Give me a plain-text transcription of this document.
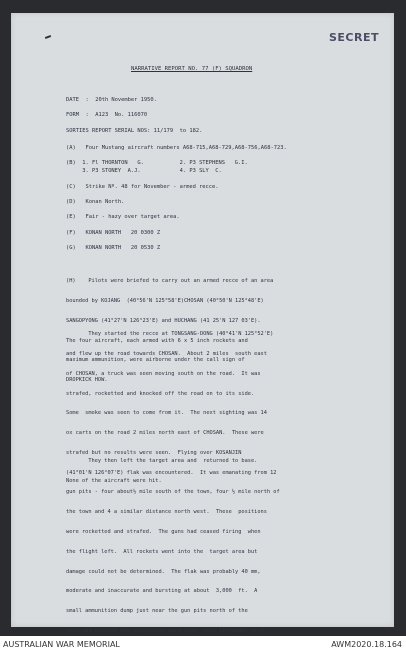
SECRET
NARRATIVE REPORT NO. 77 (F) SQUADRON
DATE  :  20th November 1950.
FORM  :  A123  No. 116070
SORTIES REPORT SERIAL NOS: 11/179  to 182.
(A)   Four Mustang aircraft numbers A68-715,A68-729,A68-756,A68-723.
(B)  1. Fl THORNTON   G.           2. P3 STEPHENS   G.I.
3. P3 STONEY  A.J.            4. P3 SLY  C.
(C)   Strike Nº. 48 for November - armed recce.
(D)   Konan North.
(E)   Fair - hazy over target area.
(F)   KONAN NORTH   20 0300 Z
(G)   KONAN NORTH   20 0530 Z

(H)    Pilots were briefed to carry out an armed recce of an area

bounded by KOJANG  (40°56'N 125°58'E)CHOSAN (40°50'N 125°48'E)

SANGOPYONG (41°27'N 126°23'E) and HUCHANG (41 25'N 127 03'E).

The four aircraft, each armed with 6 x 5 inch rockets and

maximum ammunition, were airborne under the call sign of

DROPKICK HOW.

They started the recce at TONGSANG-DONG (40°41'N 125°52'E)

and flew up the road towards CHOSAN.  About 2 miles  south east

of CHOSAN, a truck was seen moving south on the road.  It was

strafed, rocketted and knocked off the road on to its side.

Some  smoke was seen to come from it.  The next sighting was 14

ox carts on the road 2 miles north east of CHOSAN.  These were

strafed but no results were seen.  Flying over KOSANJIN

(41°01'N 126°07'E) flak was encountered.  It was emanating from 12

gun pits - four about½ mile south of the town, four ½ mile north of

the town and 4 a similar distance north west.  These  positions

were rocketted and strafed.  The guns had ceased firing  when

the flight left.  All rockets went into the  target area but

damage could not be determined.  The flak was probably 40 mm,

moderate and inaccurate and bursting at about  3,000  ft.  A

small ammunition dump just near the gun pits north of the

town was strafed and explosions were seen, then it caught fire.

They then left the target area and  returned to base.

None of the aircraft were hit.

AUSTRALIAN WAR MEMORIAL	AWM2020.18.164
